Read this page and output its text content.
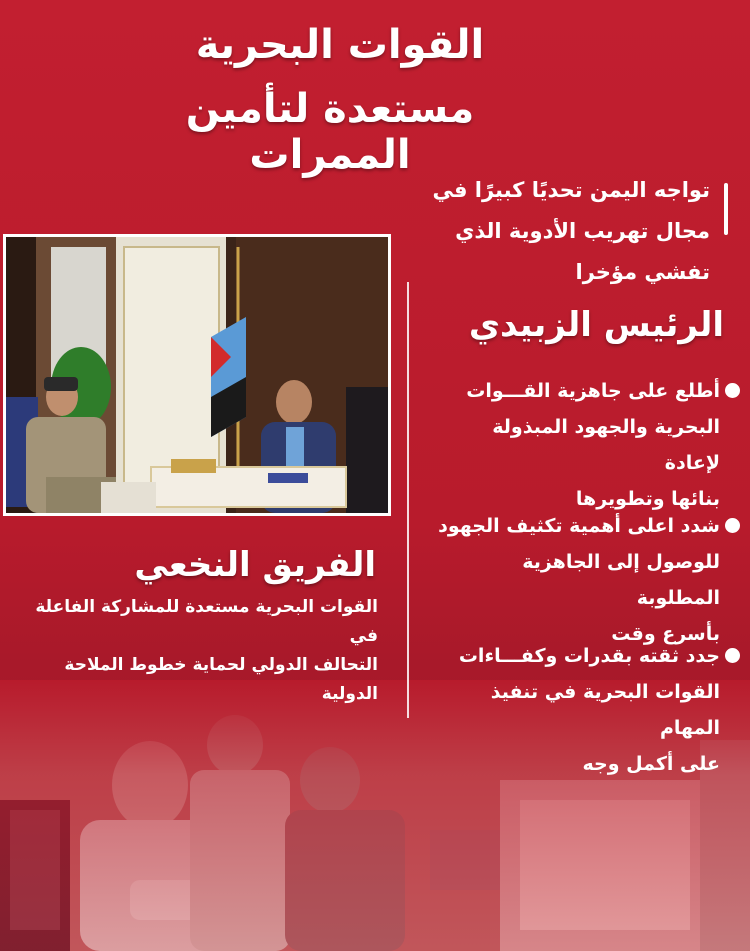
القوات البحرية
مستعدة لتأمين الممرات
تواجه اليمن تحديًا كبيرًا في
مجال تهريب الأدوية الذي
تفشي مؤخرا
الرئيس الزبيدي
أطلع على جاهزية القـــوات
البحرية والجهود المبذولة لإعادة
بنائها وتطويرها
شدد اعلى أهمية تكثيف الجهود
للوصول إلى الجاهزية المطلوبة
بأسرع وقت
جدد ثقته بقدرات وكفـــاءات
القوات البحرية في تنفيذ المهام
على أكمل وجه
الفريق النخعي
القوات البحرية مستعدة للمشاركة الفاعلة في
التحالف الدولي لحماية خطوط الملاحة الدولية
